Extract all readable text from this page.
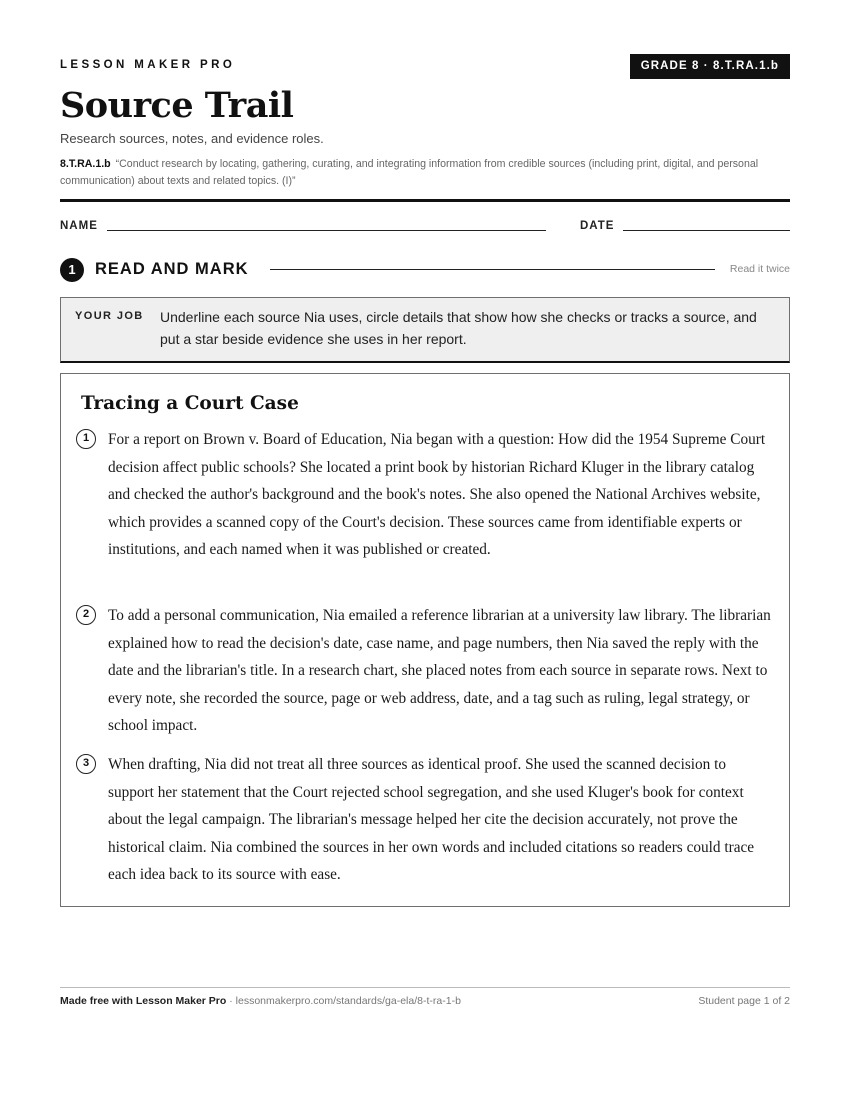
LESSON MAKER PRO	GRADE 8 · 8.T.RA.1.b
Source Trail
Research sources, notes, and evidence roles.
8.T.RA.1.b “Conduct research by locating, gathering, curating, and integrating information from credible sources (including print, digital, and personal communication) about texts and related topics. (I)”
NAME	DATE
1	READ AND MARK	Read it twice
YOUR JOB Underline each source Nia uses, circle details that show how she checks or tracks a source, and put a star beside evidence she uses in her report.
Tracing a Court Case
1	For a report on Brown v. Board of Education, Nia began with a question: How did the 1954 Supreme Court decision affect public schools? She located a print book by historian Richard Kluger in the library catalog and checked the author's background and the book's notes. She also opened the National Archives website, which provides a scanned copy of the Court's decision. These sources came from identifiable experts or institutions, and each named when it was published or created.
2	To add a personal communication, Nia emailed a reference librarian at a university law library. The librarian explained how to read the decision's date, case name, and page numbers, then Nia saved the reply with the date and the librarian's title. In a research chart, she placed notes from each source in separate rows. Next to every note, she recorded the source, page or web address, date, and a tag such as ruling, legal strategy, or school impact.
3	When drafting, Nia did not treat all three sources as identical proof. She used the scanned decision to support her statement that the Court rejected school segregation, and she used Kluger's book for context about the legal campaign. The librarian's message helped her cite the decision accurately, not prove the historical claim. Nia combined the sources in her own words and included citations so readers could trace each idea back to its source with ease.
Made free with Lesson Maker Pro · lessonmakerpro.com/standards/ga-ela/8-t-ra-1-b	Student page 1 of 2
